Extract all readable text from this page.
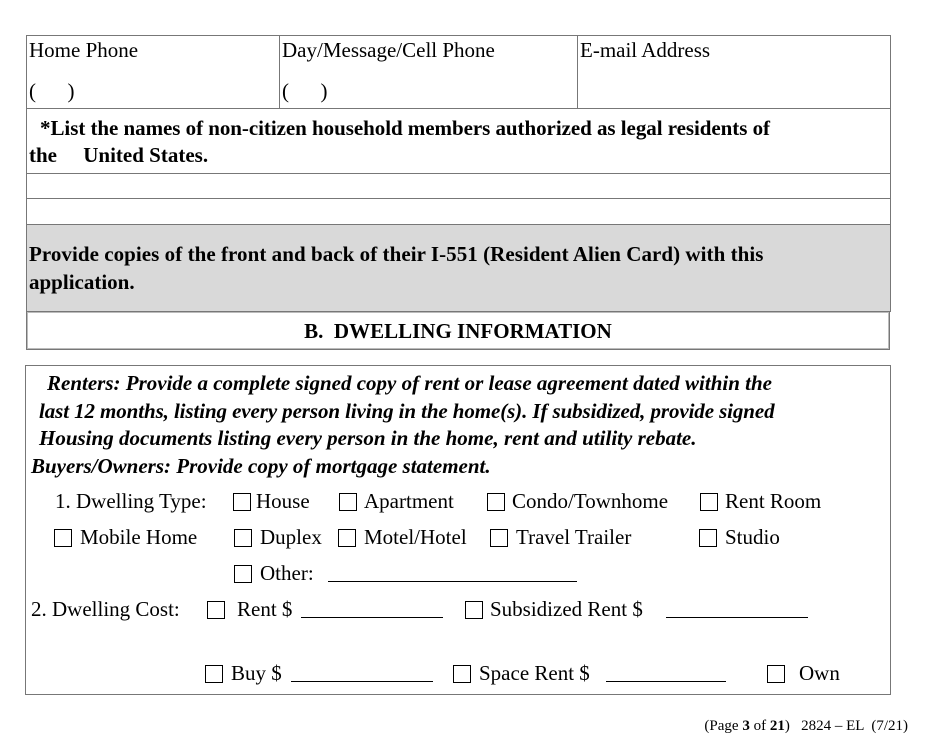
Home Phone
(      )
Day/Message/Cell Phone
(      )
E-mail Address
*List the names of non-citizen household members authorized as legal residents of
the     United States.
Provide copies of the front and back of their I-551 (Resident Alien Card) with this
application.
B.  DWELLING INFORMATION
Renters: Provide a complete signed copy of rent or lease agreement dated within the
last 12 months, listing every person living in the home(s). If subsidized, provide signed
Housing documents listing every person in the home, rent and utility rebate.
Buyers/Owners: Provide copy of mortgage statement.
1. Dwelling Type: House	Apartment	Condo/Townhome	Rent Room
Mobile Home	Duplex Motel/Hotel Travel Trailer	Studio
Other:
2. Dwelling Cost:	Rent $	Subsidized Rent $
Buy $	Space Rent $	Own

(Page 3 of 21) 2824 – EL  (7/21)
